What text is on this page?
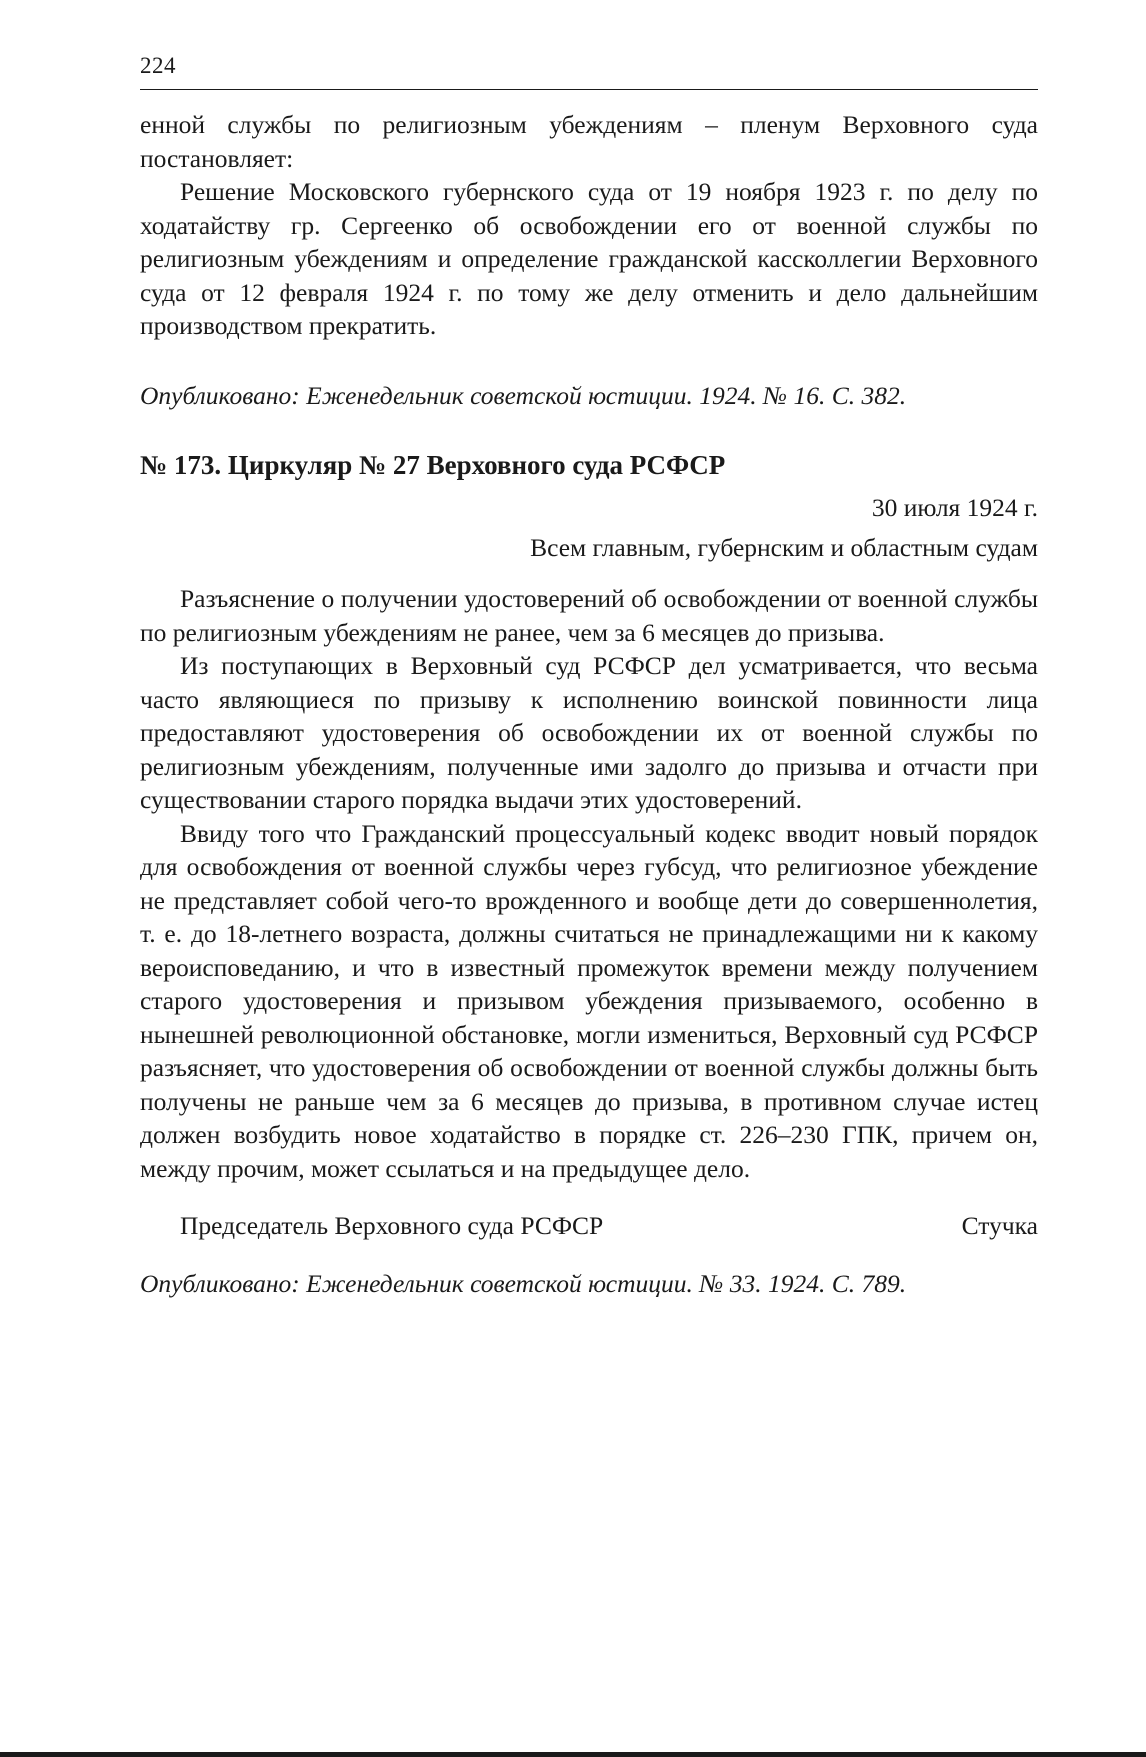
224

енной службы по религиозным убеждениям – пленум Верховного суда постановляет:

Решение Московского губернского суда от 19 ноября 1923 г. по делу по ходатайству гр. Сергеенко об освобождении его от военной службы по религиозным убеждениям и определение гражданской касcколлегии Верховного суда от 12 февраля 1924 г. по тому же делу отменить и дело дальнейшим производством прекратить.

Опубликовано: Еженедельник советской юстиции. 1924. № 16. С. 382.

№ 173. Циркуляр № 27 Верховного суда РСФСР

30 июля 1924 г.

Всем главным, губернским и областным судам

Разъяснение о получении удостоверений об освобождении от военной службы по религиозным убеждениям не ранее, чем за 6 месяцев до призыва.

Из поступающих в Верховный суд РСФСР дел усматривается, что весьма часто являющиеся по призыву к исполнению воинской повинности лица предоставляют удостоверения об освобождении их от военной службы по религиозным убеждениям, полученные ими задолго до призыва и отчасти при существовании старого порядка выдачи этих удостоверений.

Ввиду того что Гражданский процессуальный кодекс вводит новый порядок для освобождения от военной службы через губсуд, что религиозное убеждение не представляет собой чего-то врожденного и вообще дети до совершеннолетия, т. е. до 18-летнего возраста, должны считаться не принадлежащими ни к какому вероисповеданию, и что в известный промежуток времени между получением старого удостоверения и призывом убеждения призываемого, особенно в нынешней революционной обстановке, могли измениться, Верховный суд РСФСР разъясняет, что удостоверения об освобождении от военной службы должны быть получены не раньше чем за 6 месяцев до призыва, в противном случае истец должен возбудить новое ходатайство в порядке ст. 226–230 ГПК, причем он, между прочим, может ссылаться и на предыдущее дело.

Председатель Верховного суда РСФСР	Стучка

Опубликовано: Еженедельник советской юстиции. № 33. 1924. С. 789.
